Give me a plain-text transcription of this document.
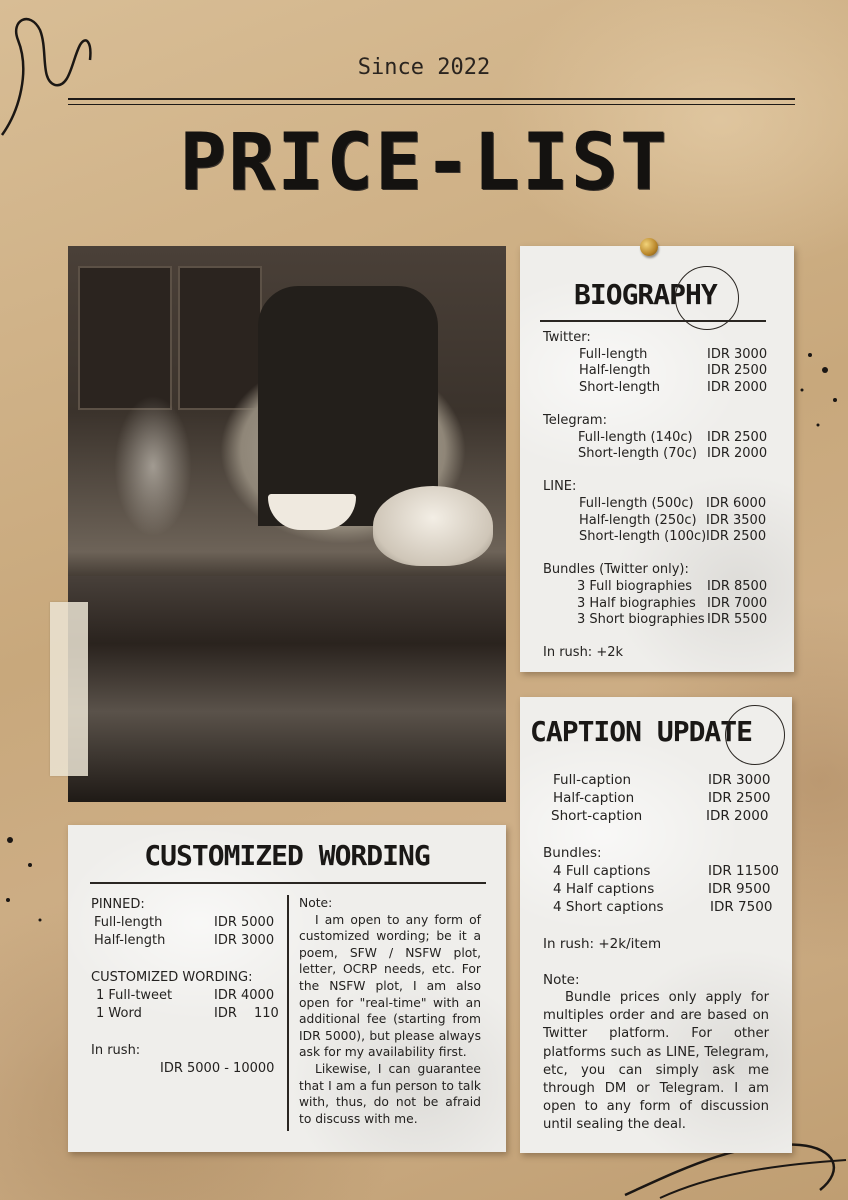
Since 2022
PRICE-LIST
BIOGRAPHY
Twitter:
Full-length	IDR 3000
Half-length	IDR 2500
Short-length	IDR 2000
Telegram:
Full-length (140c) IDR 2500
Short-length (70c) IDR 2000
LINE:
Full-length (500c) IDR 6000
Half-length (250c) IDR 3500
Short-length (100c) IDR 2500
Bundles (Twitter only):
3 Full biographies IDR 8500
3 Half biographies IDR 7000
3 Short biographies IDR 5500
In rush: +2k
CAPTION UPDATE
Full-caption	IDR 3000
Half-caption	IDR 2500
Short-caption	IDR 2000
Bundles:
4 Full captions	IDR 11500
4 Half captions	IDR 9500
4 Short captions	IDR 7500
In rush: +2k/item
Note:

Bundle prices only apply for multiples order and are based on Twitter platform. For other platforms such as LINE, Telegram, etc, you can simply ask me through DM or Telegram. I am open to any form of discussion until sealing the deal.

CUSTOMIZED WORDING
PINNED:
Full-length	IDR 5000
Half-length	IDR 3000
CUSTOMIZED WORDING:
1 Full-tweet	IDR 4000
1 Word	IDR 110
In rush:
IDR 5000 - 10000

Note:

I am open to any form of customized wording; be it a poem, SFW / NSFW plot, letter, OCRP needs, etc. For the NSFW plot, I am also open for "real-time" with an additional fee (starting from IDR 5000), but please always ask for my availability first.

Likewise, I can guarantee that I am a fun person to talk with, thus, do not be afraid to discuss with me.
